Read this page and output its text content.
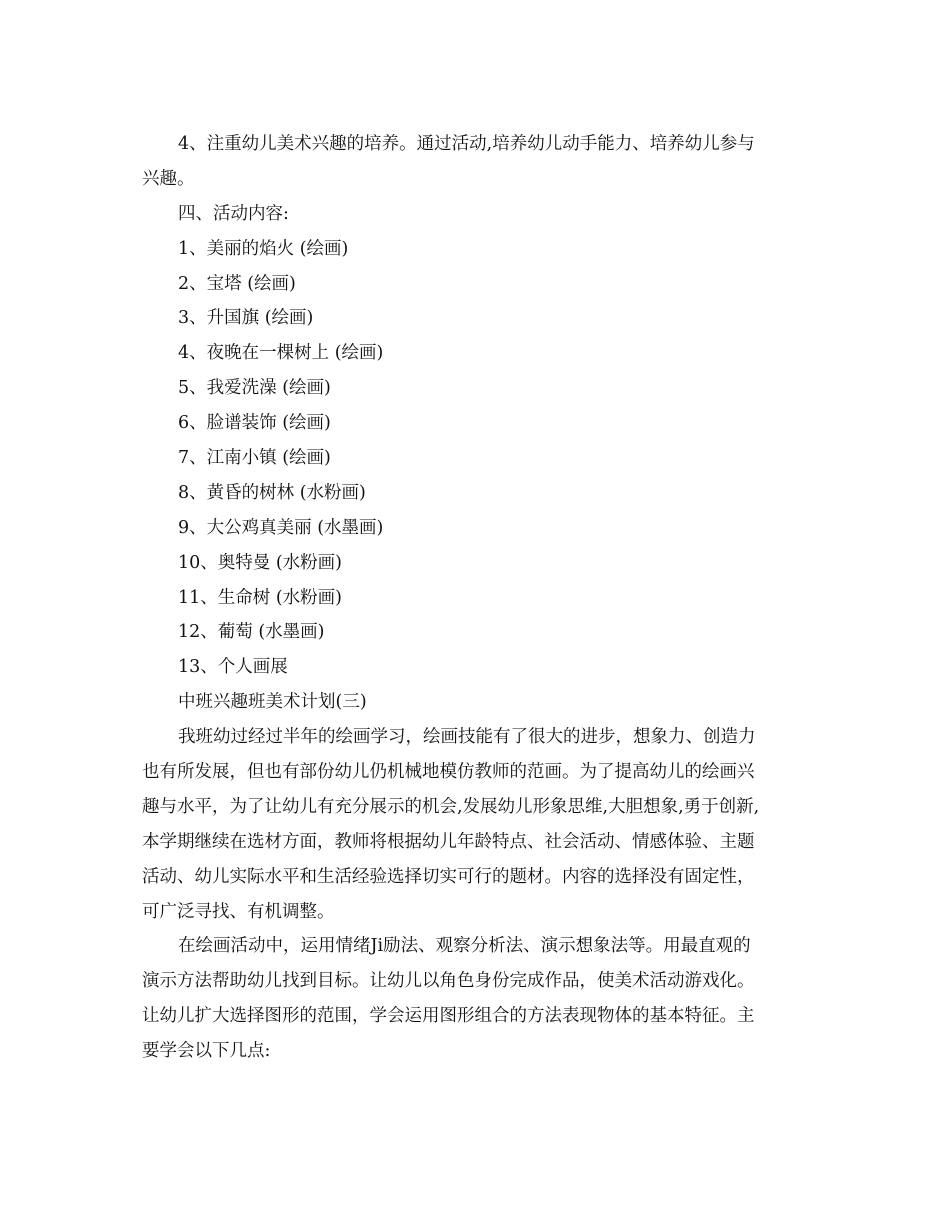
4、注重幼儿美术兴趣的培养。通过活动,培养幼儿动手能力、培养幼儿参与
兴趣。
四、活动内容:
1、美丽的焰火 (绘画)
2、宝塔 (绘画)
3、升国旗 (绘画)
4、夜晚在一棵树上 (绘画)
5、我爱洗澡 (绘画)
6、脸谱装饰 (绘画)
7、江南小镇 (绘画)
8、黄昏的树林 (水粉画)
9、大公鸡真美丽 (水墨画)
10、奥特曼 (水粉画)
11、生命树 (水粉画)
12、葡萄 (水墨画)
13、个人画展
中班兴趣班美术计划(三)
我班幼过经过半年的绘画学习，绘画技能有了很大的进步，想象力、创造力
也有所发展，但也有部份幼儿仍机械地模仿教师的范画。为了提高幼儿的绘画兴
趣与水平，为了让幼儿有充分展示的机会,发展幼儿形象思维,大胆想象,勇于创新,
本学期继续在选材方面，教师将根据幼儿年龄特点、社会活动、情感体验、主题
活动、幼儿实际水平和生活经验选择切实可行的题材。内容的选择没有固定性，
可广泛寻找、有机调整。
在绘画活动中，运用情绪Ji励法、观察分析法、演示想象法等。用最直观的
演示方法帮助幼儿找到目标。让幼儿以角色身份完成作品，使美术活动游戏化。
让幼儿扩大选择图形的范围，学会运用图形组合的方法表现物体的基本特征。主
要学会以下几点:
